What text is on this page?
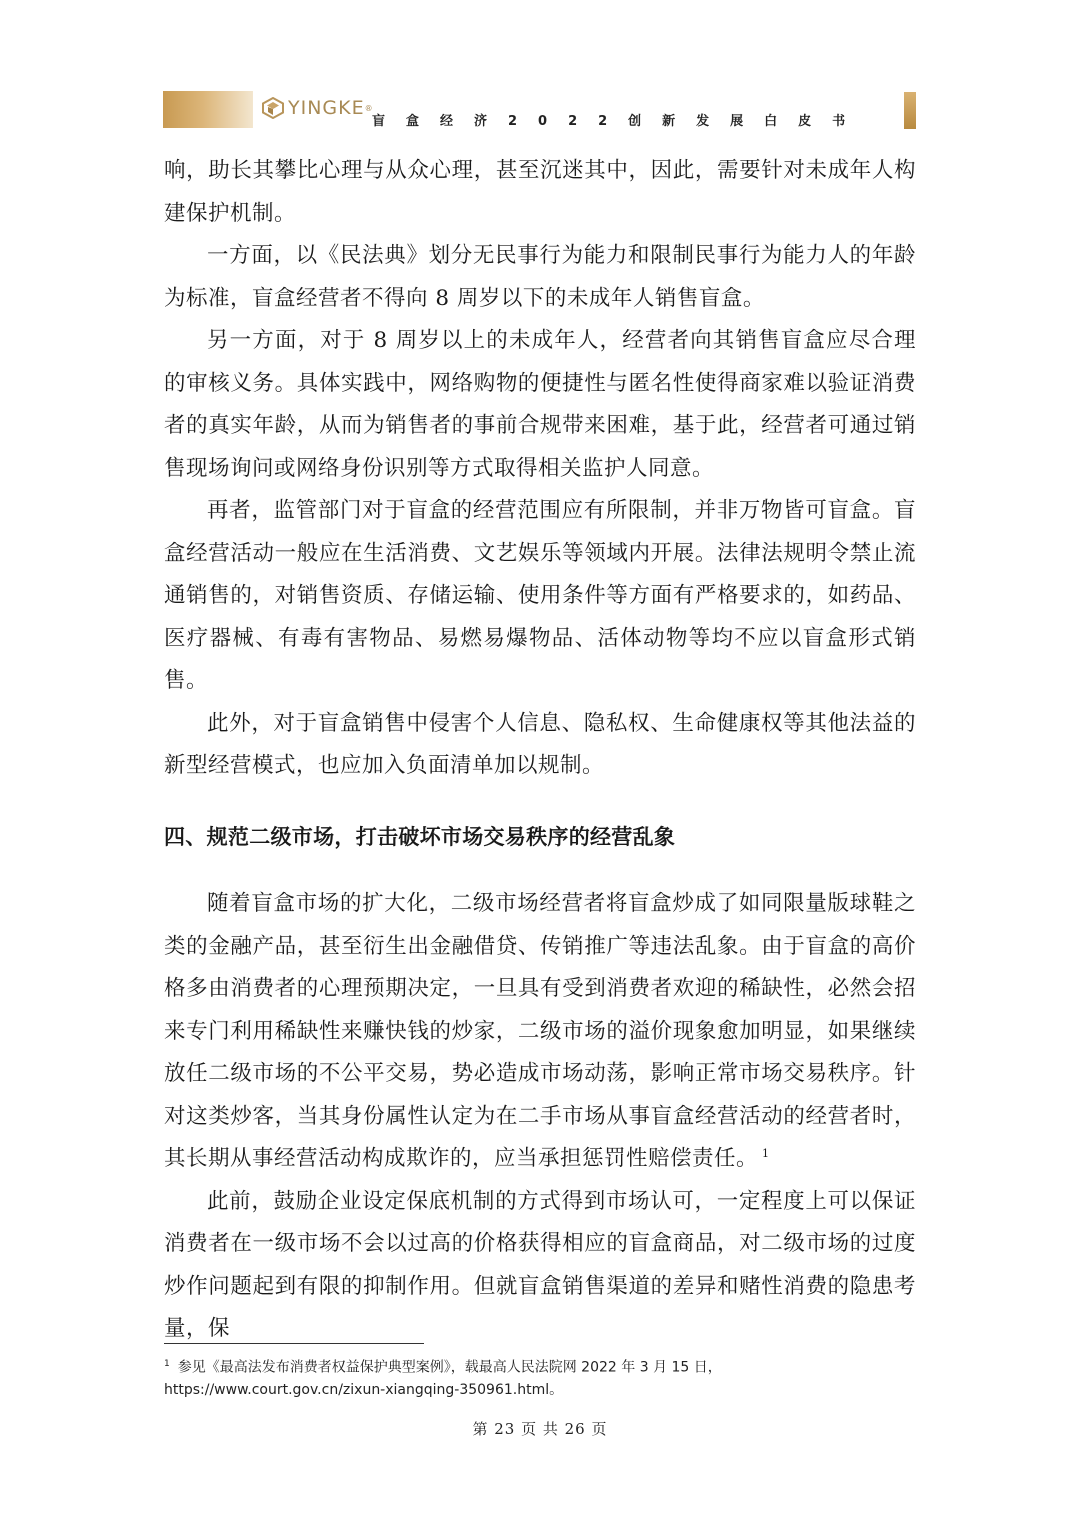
YINGKE ®
盲盒经济2022创新发展白皮书

响，助长其攀比心理与从众心理，甚至沉迷其中，因此，需要针对未成年人构建保护机制。

一方面，以《民法典》划分无民事行为能力和限制民事行为能力人的年龄为标准，盲盒经营者不得向 8 周岁以下的未成年人销售盲盒。

另一方面，对于 8 周岁以上的未成年人，经营者向其销售盲盒应尽合理的审核义务。具体实践中，网络购物的便捷性与匿名性使得商家难以验证消费者的真实年龄，从而为销售者的事前合规带来困难，基于此，经营者可通过销售现场询问或网络身份识别等方式取得相关监护人同意。

再者，监管部门对于盲盒的经营范围应有所限制，并非万物皆可盲盒。盲盒经营活动一般应在生活消费、文艺娱乐等领域内开展。法律法规明令禁止流通销售的，对销售资质、存储运输、使用条件等方面有严格要求的，如药品、医疗器械、有毒有害物品、易燃易爆物品、活体动物等均不应以盲盒形式销售。

此外，对于盲盒销售中侵害个人信息、隐私权、生命健康权等其他法益的新型经营模式，也应加入负面清单加以规制。

四、规范二级市场，打击破坏市场交易秩序的经营乱象

随着盲盒市场的扩大化，二级市场经营者将盲盒炒成了如同限量版球鞋之类的金融产品，甚至衍生出金融借贷、传销推广等违法乱象。由于盲盒的高价格多由消费者的心理预期决定，一旦具有受到消费者欢迎的稀缺性，必然会招来专门利用稀缺性来赚快钱的炒家，二级市场的溢价现象愈加明显，如果继续放任二级市场的不公平交易，势必造成市场动荡，影响正常市场交易秩序。针对这类炒客，当其身份属性认定为在二手市场从事盲盒经营活动的经营者时，其长期从事经营活动构成欺诈的，应当承担惩罚性赔偿责任。 $^1$

此前，鼓励企业设定保底机制的方式得到市场认可，一定程度上可以保证消费者在一级市场不会以过高的价格获得相应的盲盒商品，对二级市场的过度炒作问题起到有限的抑制作用。但就盲盒销售渠道的差异和赌性消费的隐患考量，保

$^1$ 参见《最高法发布消费者权益保护典型案例》，载最高人民法院网 2022 年 3 月 15 日，
https://www.court.gov.cn/zixun-xiangqing-350961.html。
第 23 页 共 26 页
